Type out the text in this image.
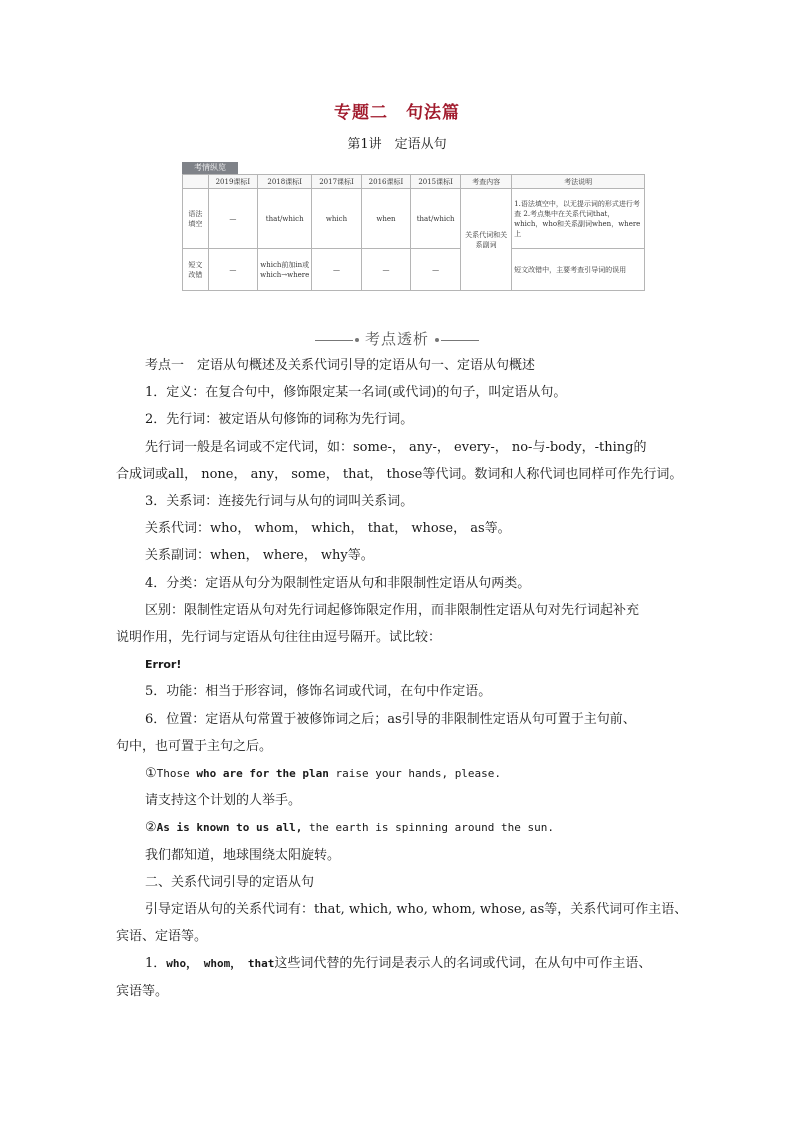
专题二　句法篇
第1讲　定语从句
考情纵览
	2019课标Ⅰ	2018课标Ⅰ	2017课标Ⅰ	2016课标Ⅰ	2015课标Ⅰ	考查内容	考法说明
语法填空	—	that/which	which	when	that/which	关系代词和关系副词	1.语法填空中，以无提示词的形式进行考查 2.考点集中在关系代词that，which，who和关系副词when，where上
短文改错	—	which前加in或which→where	—	—	—		短文改错中，主要考查引导词的误用
考点透析

考点一　定语从句概述及关系代词引导的定语从句一、定语从句概述

1．定义：在复合句中，修饰限定某一名词(或代词)的句子，叫定语从句。

2．先行词：被定语从句修饰的词称为先行词。

先行词一般是名词或不定代词，如：some-， any-， every-， no-与-body，-thing的

合成词或all， none， any， some， that， those等代词。数词和人称代词也同样可作先行词。

3．关系词：连接先行词与从句的词叫关系词。

关系代词：who， whom， which， that， whose， as等。

关系副词：when， where， why等。

4．分类：定语从句分为限制性定语从句和非限制性定语从句两类。

区别：限制性定语从句对先行词起修饰限定作用，而非限制性定语从句对先行词起补充

说明作用，先行词与定语从句往往由逗号隔开。试比较：

Error!

5．功能：相当于形容词，修饰名词或代词，在句中作定语。

6．位置：定语从句常置于被修饰词之后；as引导的非限制性定语从句可置于主句前、

句中，也可置于主句之后。

①Those who are for the plan raise your hands, please.

请支持这个计划的人举手。

②As is known to us all, the earth is spinning around the sun.

我们都知道，地球围绕太阳旋转。

二、关系代词引导的定语从句

引导定语从句的关系代词有：that, which, who, whom, whose, as等，关系代词可作主语、

宾语、定语等。

1．who， whom， that这些词代替的先行词是表示人的名词或代词，在从句中可作主语、

宾语等。
